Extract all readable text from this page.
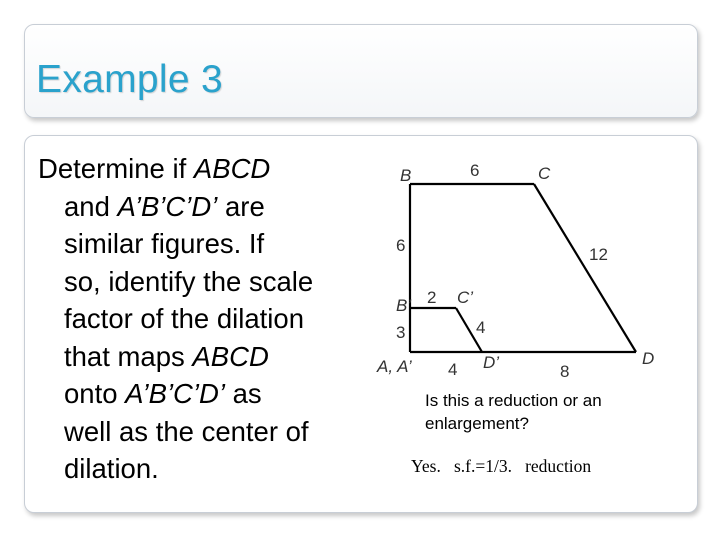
Example 3
Determine if ABCD
and A’B’C’D’ are
similar figures. If
so, identify the scale
factor of the dilation
that maps ABCD
onto A’B’C’D’ as
well as the center of
dilation.
B	C
D
A, A’
B’	C’
D’
6
6	12
2
3	4
4	8
Is this a reduction or an enlargement?
Yes.   s.f.=1/3.   reduction
